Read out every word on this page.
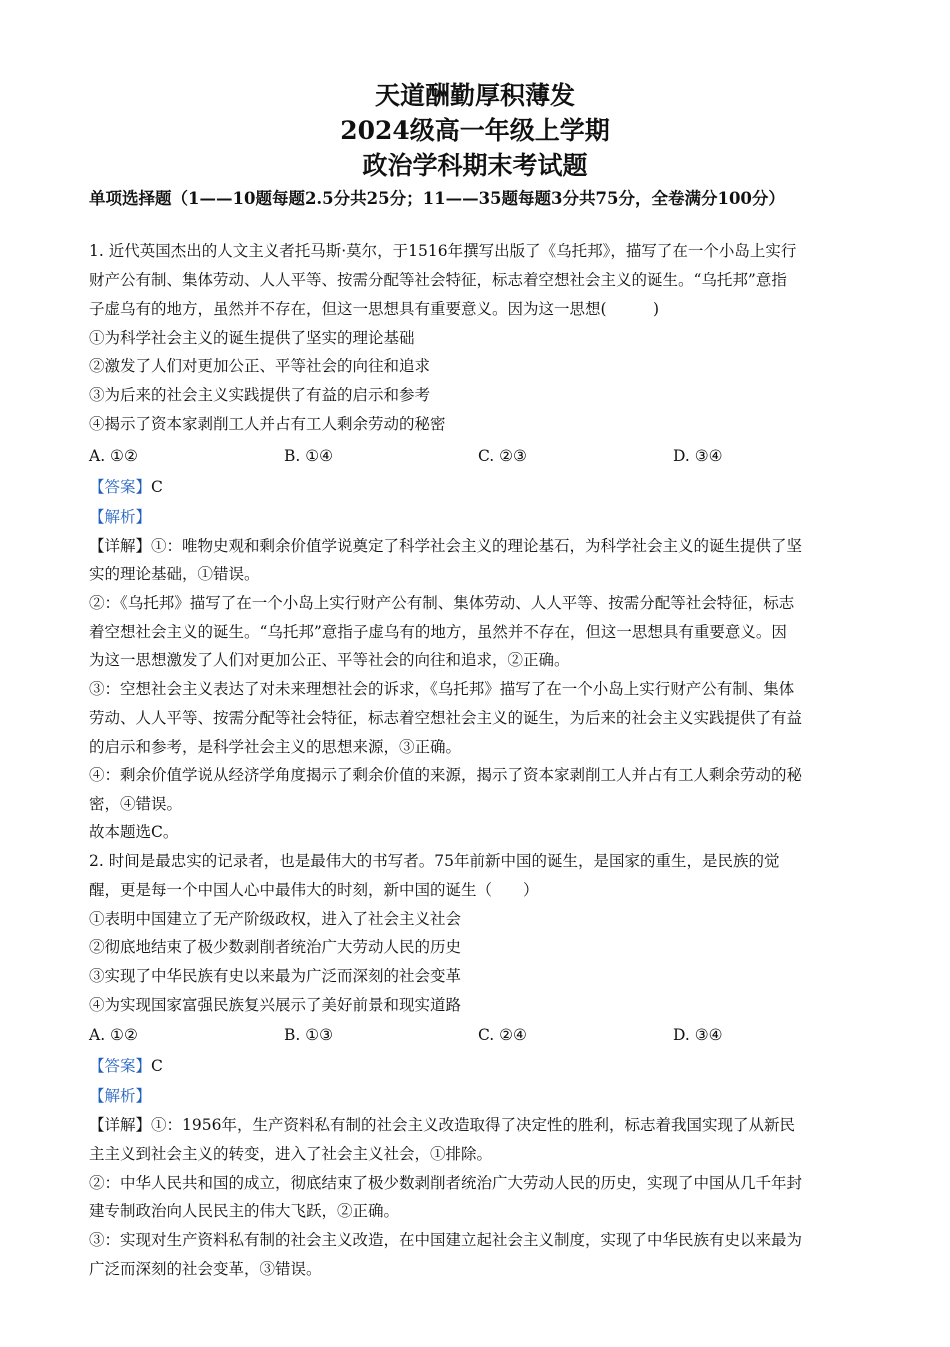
天道酬勤厚积薄发
2024级高一年级上学期
政治学科期末考试题
单项选择题（1——10题每题2.5分共25分；11——35题每题3分共75分，全卷满分100分）
1. 近代英国杰出的人文主义者托马斯·莫尔，于1516年撰写出版了《乌托邦》，描写了在一个小岛上实行
财产公有制、集体劳动、人人平等、按需分配等社会特征，标志着空想社会主义的诞生。“乌托邦”意指
子虚乌有的地方，虽然并不存在，但这一思想具有重要意义。因为这一思想(　　　)
①为科学社会主义的诞生提供了坚实的理论基础
②激发了人们对更加公正、平等社会的向往和追求
③为后来的社会主义实践提供了有益的启示和参考
④揭示了资本家剥削工人并占有工人剩余劳动的秘密
A. ①②	B. ①④	C. ②③	D. ③④
【答案】C
【解析】
【详解】①：唯物史观和剩余价值学说奠定了科学社会主义的理论基石，为科学社会主义的诞生提供了坚
实的理论基础，①错误。
②：《乌托邦》描写了在一个小岛上实行财产公有制、集体劳动、人人平等、按需分配等社会特征，标志
着空想社会主义的诞生。“乌托邦”意指子虚乌有的地方，虽然并不存在，但这一思想具有重要意义。因
为这一思想激发了人们对更加公正、平等社会的向往和追求，②正确。
③：空想社会主义表达了对未来理想社会的诉求，《乌托邦》描写了在一个小岛上实行财产公有制、集体
劳动、人人平等、按需分配等社会特征，标志着空想社会主义的诞生，为后来的社会主义实践提供了有益
的启示和参考，是科学社会主义的思想来源，③正确。
④：剩余价值学说从经济学角度揭示了剩余价值的来源，揭示了资本家剥削工人并占有工人剩余劳动的秘
密，④错误。
故本题选C。
2. 时间是最忠实的记录者，也是最伟大的书写者。75年前新中国的诞生，是国家的重生，是民族的觉
醒，更是每一个中国人心中最伟大的时刻，新中国的诞生（　　）
①表明中国建立了无产阶级政权，进入了社会主义社会
②彻底地结束了极少数剥削者统治广大劳动人民的历史
③实现了中华民族有史以来最为广泛而深刻的社会变革
④为实现国家富强民族复兴展示了美好前景和现实道路
A. ①②	B. ①③	C. ②④	D. ③④
【答案】C
【解析】
【详解】①：1956年，生产资料私有制的社会主义改造取得了决定性的胜利，标志着我国实现了从新民
主主义到社会主义的转变，进入了社会主义社会，①排除。
②：中华人民共和国的成立，彻底结束了极少数剥削者统治广大劳动人民的历史，实现了中国从几千年封
建专制政治向人民民主的伟大飞跃，②正确。
③：实现对生产资料私有制的社会主义改造，在中国建立起社会主义制度，实现了中华民族有史以来最为
广泛而深刻的社会变革，③错误。
